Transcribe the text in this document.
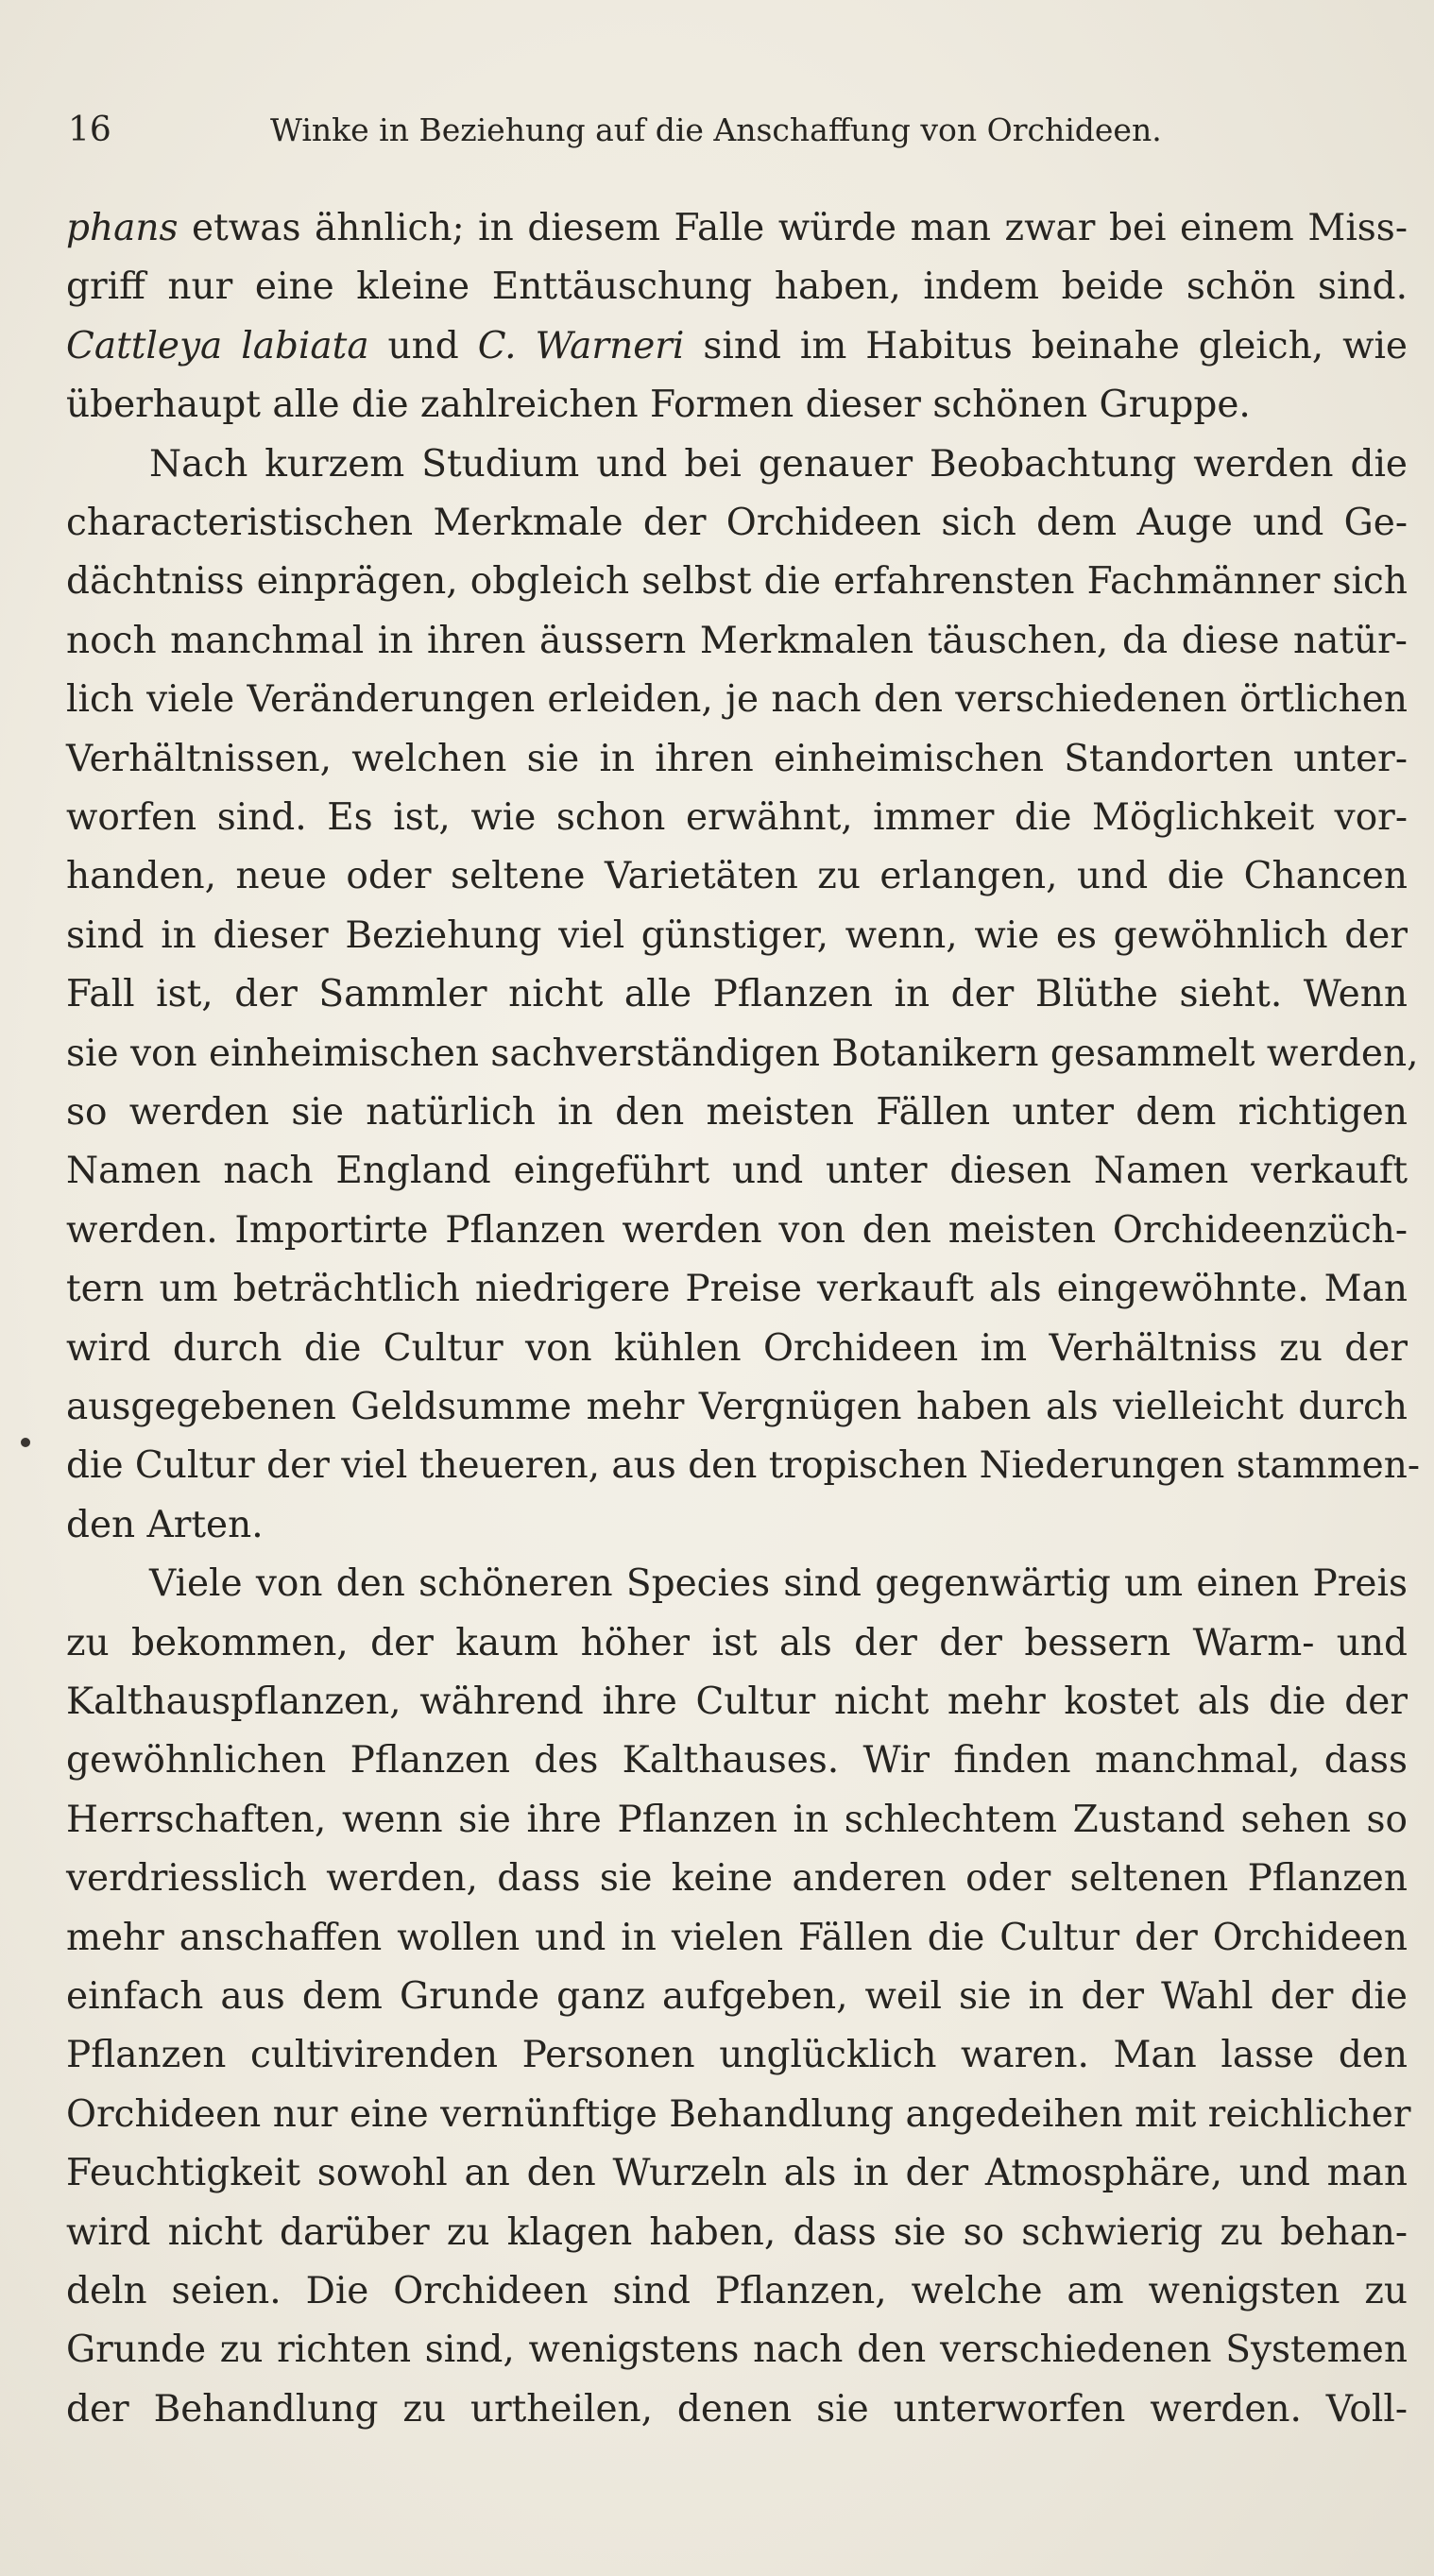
16	Winke in Beziehung auf die Anschaffung von Orchideen.
phans etwas ähnlich; in diesem Falle würde man zwar bei einem Miss-
griff nur eine kleine Enttäuschung haben, indem beide schön sind.
Cattleya labiata und C. Warneri sind im Habitus beinahe gleich, wie
überhaupt alle die zahlreichen Formen dieser schönen Gruppe.
Nach kurzem Studium und bei genauer Beobachtung werden die
characteristischen Merkmale der Orchideen sich dem Auge und Ge-
dächtniss einprägen, obgleich selbst die erfahrensten Fachmänner sich
noch manchmal in ihren äussern Merkmalen täuschen, da diese natür-
lich viele Veränderungen erleiden, je nach den verschiedenen örtlichen
Verhältnissen, welchen sie in ihren einheimischen Standorten unter-
worfen sind. Es ist, wie schon erwähnt, immer die Möglichkeit vor-
handen, neue oder seltene Varietäten zu erlangen, und die Chancen
sind in dieser Beziehung viel günstiger, wenn, wie es gewöhnlich der
Fall ist, der Sammler nicht alle Pflanzen in der Blüthe sieht. Wenn
sie von einheimischen sachverständigen Botanikern gesammelt werden,
so werden sie natürlich in den meisten Fällen unter dem richtigen
Namen nach England eingeführt und unter diesen Namen verkauft
werden. Importirte Pflanzen werden von den meisten Orchideenzüch-
tern um beträchtlich niedrigere Preise verkauft als eingewöhnte. Man
wird durch die Cultur von kühlen Orchideen im Verhältniss zu der
ausgegebenen Geldsumme mehr Vergnügen haben als vielleicht durch
die Cultur der viel theueren, aus den tropischen Niederungen stammen-
den Arten.
Viele von den schöneren Species sind gegenwärtig um einen Preis
zu bekommen, der kaum höher ist als der der bessern Warm- und
Kalthauspflanzen, während ihre Cultur nicht mehr kostet als die der
gewöhnlichen Pflanzen des Kalthauses. Wir finden manchmal, dass
Herrschaften, wenn sie ihre Pflanzen in schlechtem Zustand sehen so
verdriesslich werden, dass sie keine anderen oder seltenen Pflanzen
mehr anschaffen wollen und in vielen Fällen die Cultur der Orchideen
einfach aus dem Grunde ganz aufgeben, weil sie in der Wahl der die
Pflanzen cultivirenden Personen unglücklich waren. Man lasse den
Orchideen nur eine vernünftige Behandlung angedeihen mit reichlicher
Feuchtigkeit sowohl an den Wurzeln als in der Atmosphäre, und man
wird nicht darüber zu klagen haben, dass sie so schwierig zu behan-
deln seien. Die Orchideen sind Pflanzen, welche am wenigsten zu
Grunde zu richten sind, wenigstens nach den verschiedenen Systemen
der Behandlung zu urtheilen, denen sie unterworfen werden. Voll-
